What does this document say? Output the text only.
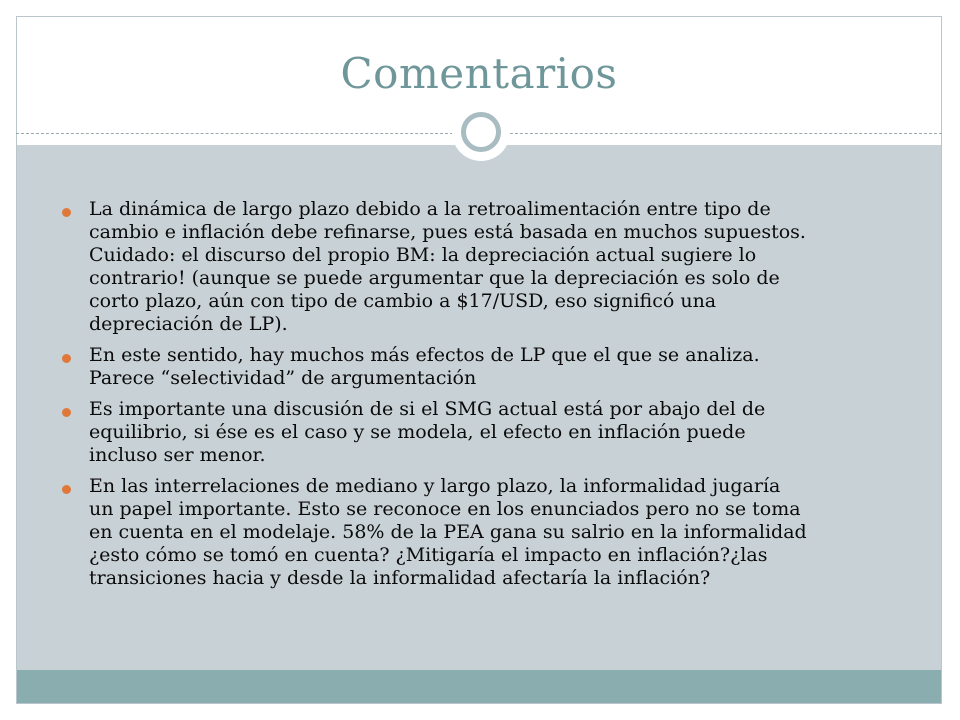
Comentarios
La dinámica de largo plazo debido a la retroalimentación entre tipo de
cambio e inflación debe refinarse, pues está basada en muchos supuestos.
Cuidado: el discurso del propio BM: la depreciación actual sugiere lo
contrario! (aunque se puede argumentar que la depreciación es solo de
corto plazo, aún con tipo de cambio a $17/USD, eso significó una
depreciación de LP).
En este sentido, hay muchos más efectos de LP que el que se analiza.
Parece “selectividad” de argumentación
Es importante una discusión de si el SMG actual está por abajo del de
equilibrio, si ése es el caso y se modela, el efecto en inflación puede
incluso ser menor.
En las interrelaciones de mediano y largo plazo, la informalidad jugaría
un papel importante. Esto se reconoce en los enunciados pero no se toma
en cuenta en el modelaje. 58% de la PEA gana su salrio en la informalidad
¿esto cómo se tomó en cuenta? ¿Mitigaría el impacto en inflación?¿las
transiciones hacia y desde la informalidad afectaría la inflación?
